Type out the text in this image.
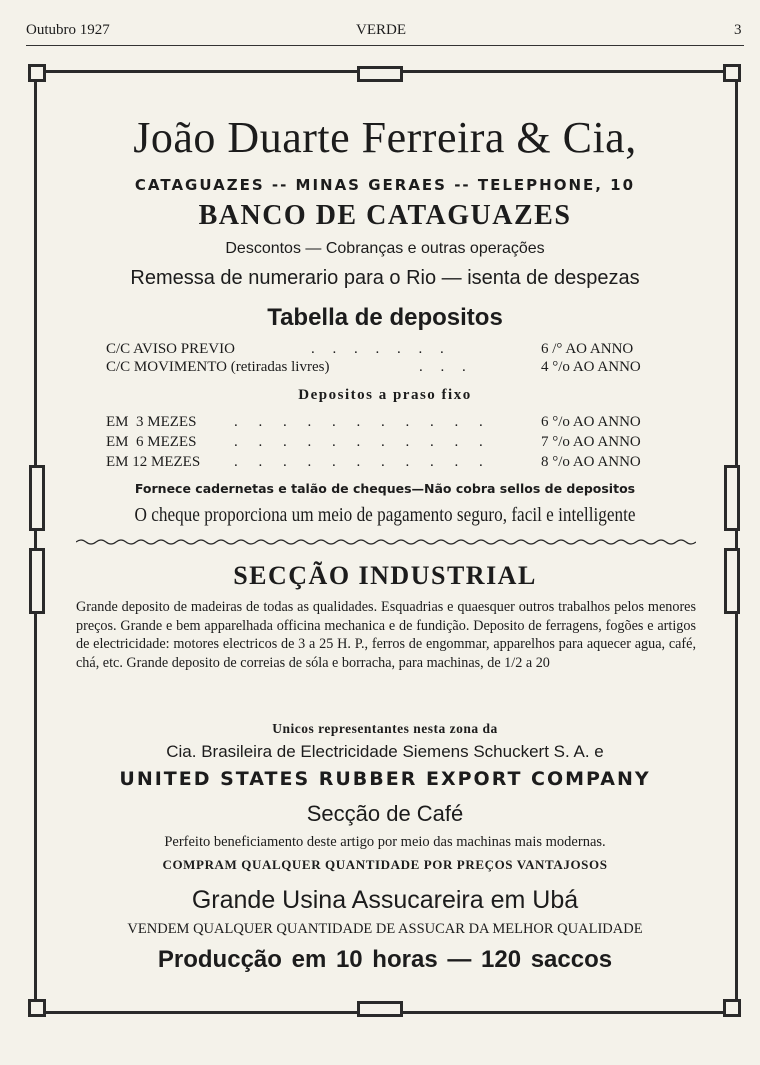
Outubro 1927	VERDE	3
João Duarte Ferreira & Cia,
CATAGUAZES -- MINAS GERAES -- TELEPHONE, 10
BANCO DE CATAGUAZES
Descontos — Cobranças e outras operações
Remessa de numerario para o Rio — isenta de despezas
Tabella de depositos
C/C AVISO PREVIO	. . . . . . .	6 /° AO ANNO
C/C MOVIMENTO (retiradas livres)	. . .	4 °/o AO ANNO
Depositos a praso fixo
EM  3 MEZES	. . . . . . . . . . .	6 °/o AO ANNO
EM  6 MEZES	. . . . . . . . . . .	7 °/o AO ANNO
EM 12 MEZES . . . . . . . . . . .	8 °/o AO ANNO
Fornece cadernetas e talão de cheques—Não cobra sellos de depositos
O cheque proporciona um meio de pagamento seguro, facil e intelligente
SECÇÃO INDUSTRIAL
Grande deposito de madeiras de todas as qualidades. Esquadrias e quaesquer outros trabalhos pelos menores preços. Grande e bem apparelhada officina mechanica e de fundição. Deposito de ferragens, fogões e artigos de electricidade: motores electricos de 3 a 25 H. P., ferros de engommar, apparelhos para aquecer agua, café, chá, etc. Grande deposito de correias de sóla e borracha, para machinas, de 1/2 a 20
Unicos representantes nesta zona da
Cia. Brasileira de Electricidade Siemens Schuckert S. A. e
UNITED STATES RUBBER EXPORT COMPANY
Secção de Café
Perfeito beneficiamento deste artigo por meio das machinas mais modernas.
COMPRAM QUALQUER QUANTIDADE POR PREÇOS VANTAJOSOS
Grande Usina Assucareira em Ubá
VENDEM QUALQUER QUANTIDADE DE ASSUCAR DA MELHOR QUALIDADE
Producção em 10 horas — 120 saccos
